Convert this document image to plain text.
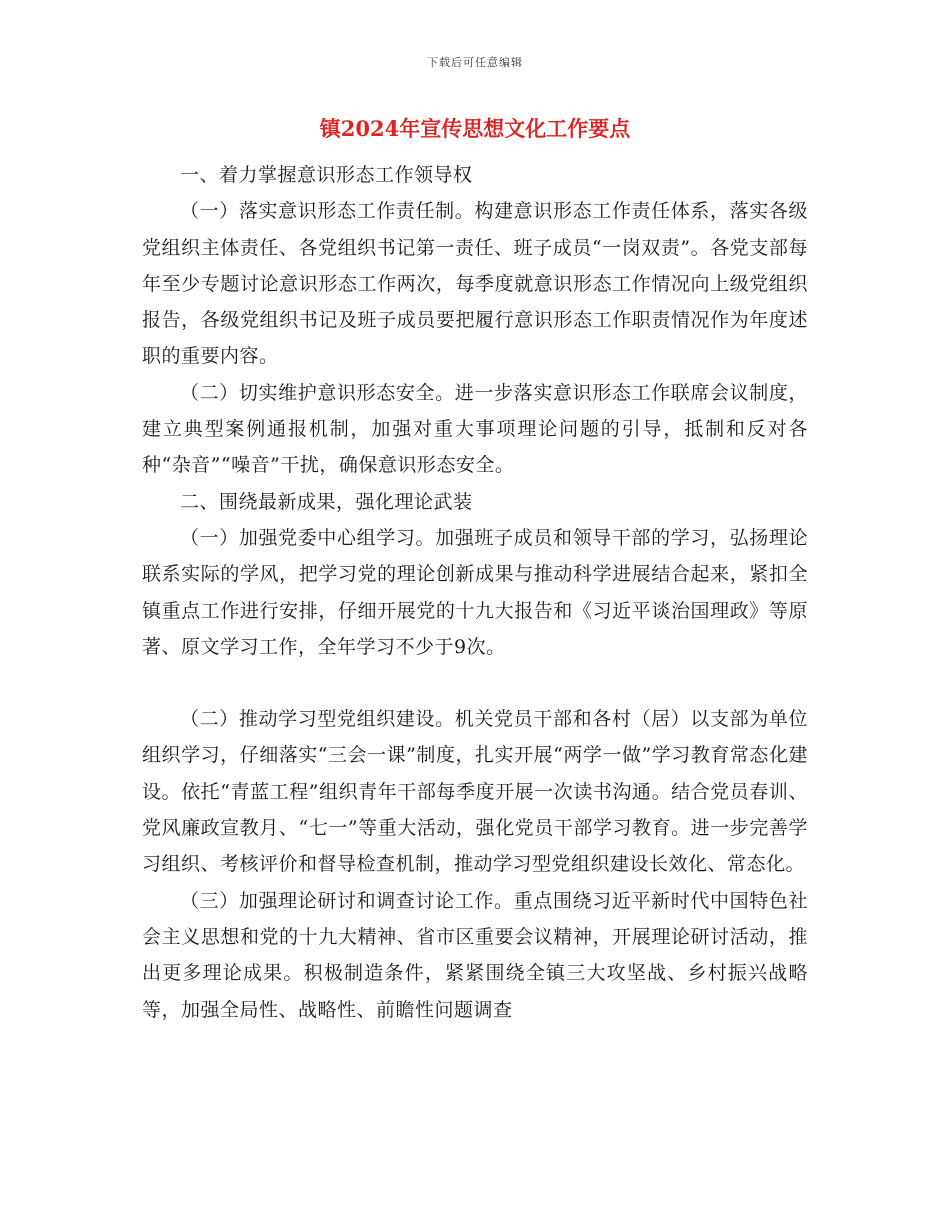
下载后可任意编辑
镇2024年宣传思想文化工作要点

一、着力掌握意识形态工作领导权

（一）落实意识形态工作责任制。构建意识形态工作责任体系，落实各级党组织主体责任、各党组织书记第一责任、班子成员“一岗双责”。各党支部每年至少专题讨论意识形态工作两次，每季度就意识形态工作情况向上级党组织报告，各级党组织书记及班子成员要把履行意识形态工作职责情况作为年度述职的重要内容。

（二）切实维护意识形态安全。进一步落实意识形态工作联席会议制度，建立典型案例通报机制，加强对重大事项理论问题的引导，抵制和反对各种“杂音”“噪音”干扰，确保意识形态安全。

二、围绕最新成果，强化理论武装

（一）加强党委中心组学习。加强班子成员和领导干部的学习，弘扬理论联系实际的学风，把学习党的理论创新成果与推动科学进展结合起来，紧扣全镇重点工作进行安排，仔细开展党的十九大报告和《习近平谈治国理政》等原著、原文学习工作，全年学习不少于9次。

（二）推动学习型党组织建设。机关党员干部和各村（居）以支部为单位组织学习，仔细落实“三会一课”制度，扎实开展“两学一做”学习教育常态化建设。依托“青蓝工程”组织青年干部每季度开展一次读书沟通。结合党员春训、党风廉政宣教月、“七一”等重大活动，强化党员干部学习教育。进一步完善学习组织、考核评价和督导检查机制，推动学习型党组织建设长效化、常态化。

（三）加强理论研讨和调查讨论工作。重点围绕习近平新时代中国特色社会主义思想和党的十九大精神、省市区重要会议精神，开展理论研讨活动，推出更多理论成果。积极制造条件，紧紧围绕全镇三大攻坚战、乡村振兴战略等，加强全局性、战略性、前瞻性问题调查
